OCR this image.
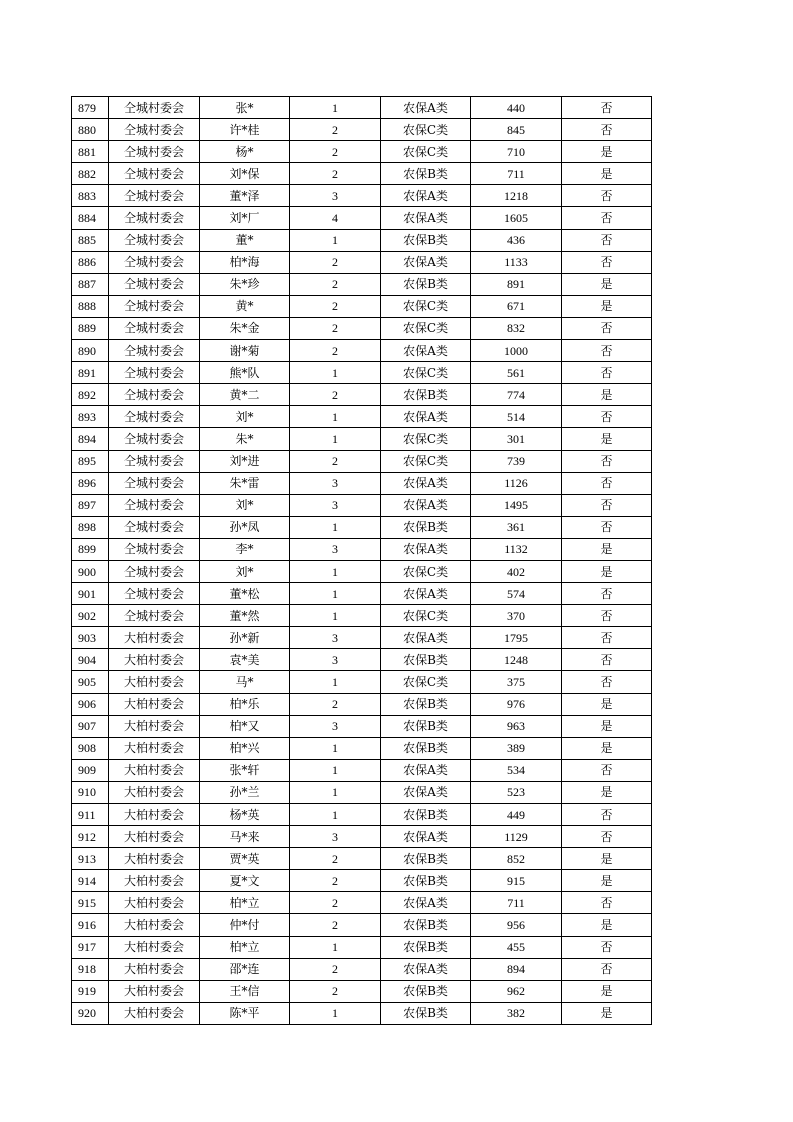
879	仝城村委会	张*	1	农保A类	440	否
880	仝城村委会	许*桂	2	农保C类	845	否
881	仝城村委会	杨*	2	农保C类	710	是
882	仝城村委会	刘*保	2	农保B类	711	是
883	仝城村委会	董*泽	3	农保A类	1218	否
884	仝城村委会	刘*厂	4	农保A类	1605	否
885	仝城村委会	董*	1	农保B类	436	否
886	仝城村委会	柏*海	2	农保A类	1133	否
887	仝城村委会	朱*珍	2	农保B类	891	是
888	仝城村委会	黄*	2	农保C类	671	是
889	仝城村委会	朱*金	2	农保C类	832	否
890	仝城村委会	谢*菊	2	农保A类	1000	否
891	仝城村委会	熊*队	1	农保C类	561	否
892	仝城村委会	黄*二	2	农保B类	774	是
893	仝城村委会	刘*	1	农保A类	514	否
894	仝城村委会	朱*	1	农保C类	301	是
895	仝城村委会	刘*进	2	农保C类	739	否
896	仝城村委会	朱*雷	3	农保A类	1126	否
897	仝城村委会	刘*	3	农保A类	1495	否
898	仝城村委会	孙*凤	1	农保B类	361	否
899	仝城村委会	李*	3	农保A类	1132	是
900	仝城村委会	刘*	1	农保C类	402	是
901	仝城村委会	董*松	1	农保A类	574	否
902	仝城村委会	董*然	1	农保C类	370	否
903	大柏村委会	孙*新	3	农保A类	1795	否
904	大柏村委会	袁*美	3	农保B类	1248	否
905	大柏村委会	马*	1	农保C类	375	否
906	大柏村委会	柏*乐	2	农保B类	976	是
907	大柏村委会	柏*又	3	农保B类	963	是
908	大柏村委会	柏*兴	1	农保B类	389	是
909	大柏村委会	张*轩	1	农保A类	534	否
910	大柏村委会	孙*兰	1	农保A类	523	是
911	大柏村委会	杨*英	1	农保B类	449	否
912	大柏村委会	马*来	3	农保A类	1129	否
913	大柏村委会	贾*英	2	农保B类	852	是
914	大柏村委会	夏*文	2	农保B类	915	是
915	大柏村委会	柏*立	2	农保A类	711	否
916	大柏村委会	仲*付	2	农保B类	956	是
917	大柏村委会	柏*立	1	农保B类	455	否
918	大柏村委会	邵*连	2	农保A类	894	否
919	大柏村委会	王*信	2	农保B类	962	是
920	大柏村委会	陈*平	1	农保B类	382	是
